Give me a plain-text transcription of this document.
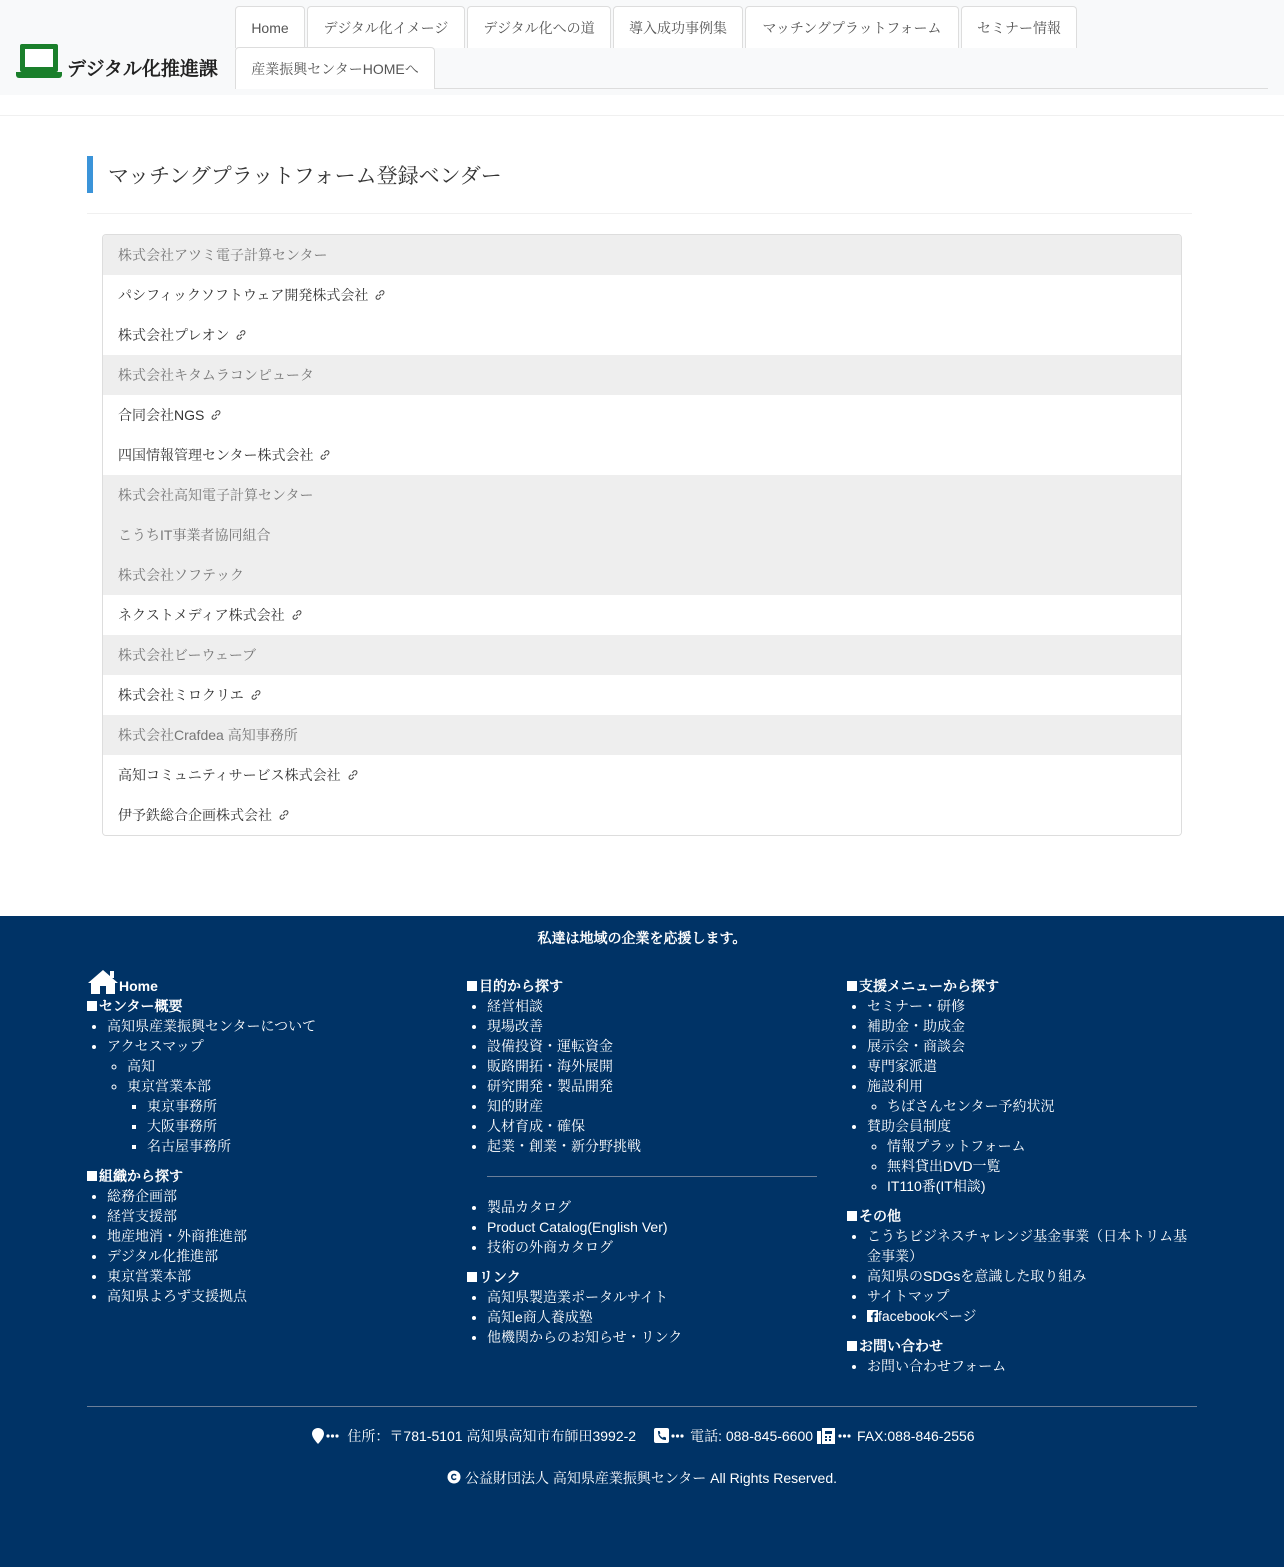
デジタル化推進課
Home	デジタル化イメージ	デジタル化への道	導入成功事例集	マッチングプラットフォーム	セミナー情報
産業振興センターHOMEへ
マッチングプラットフォーム登録ベンダー
株式会社アツミ電子計算センター
パシフィックソフトウェア開発株式会社
株式会社プレオン
株式会社キタムラコンピュータ
合同会社NGS
四国情報管理センター株式会社
株式会社高知電子計算センター
こうちIT事業者協同組合
株式会社ソフテック
ネクストメディア株式会社
株式会社ビーウェーブ
株式会社ミロクリエ
株式会社Crafdea 高知事務所
高知コミュニティサービス株式会社
伊予鉄総合企画株式会社
私達は地域の企業を応援します。
Home
センター概要
• 高知県産業振興センターについて
• アクセスマップ
◦ 高知
◦ 東京営業本部
▪ 東京事務所
▪ 大阪事務所
▪ 名古屋事務所
組織から探す
• 総務企画部
• 経営支援部
• 地産地消・外商推進部
• デジタル化推進部
• 東京営業本部
• 高知県よろず支援拠点
目的から探す
• 経営相談
• 現場改善
• 設備投資・運転資金
• 販路開拓・海外展開
• 研究開発・製品開発
• 知的財産
• 人材育成・確保
• 起業・創業・新分野挑戦
• 製品カタログ
• Product Catalog(English Ver)
• 技術の外商カタログ
リンク
• 高知県製造業ポータルサイト
• 高知e商人養成塾
• 他機関からのお知らせ・リンク
支援メニューから探す
• セミナー・研修
• 補助金・助成金
• 展示会・商談会
• 専門家派遣
• 施設利用
◦ ちばさんセンター予約状況
• 賛助会員制度
◦ 情報プラットフォーム
◦ 無料貸出DVD一覧
◦ IT110番(IT相談)
その他
• こうちビジネスチャレンジ基金事業（日本トリム基金事業）
• 高知県のSDGsを意識した取り組み
• サイトマップ
• facebookページ
お問い合わせ
• お問い合わせフォーム
住所：〒781-5101 高知県高知市布師田3992-2	電話: 088-845-6600	FAX:088-846-2556
公益財団法人 高知県産業振興センター All Rights Reserved.
